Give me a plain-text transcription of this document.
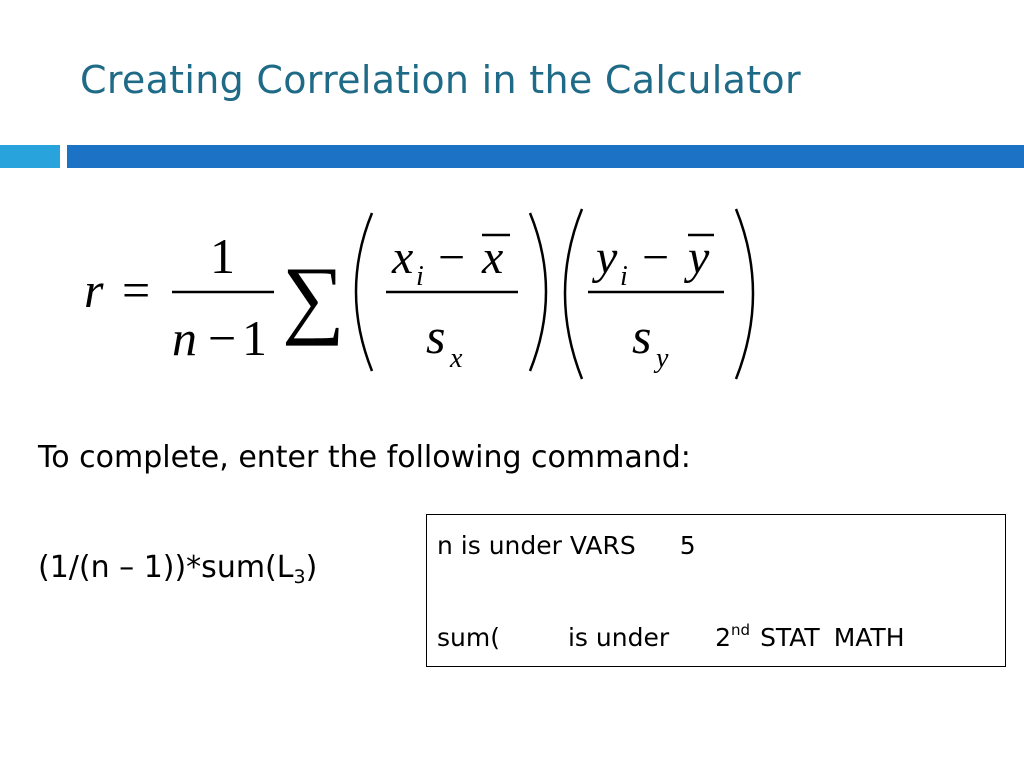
Creating Correlation in the Calculator
r =
1
n − 1 ∑ x i − x
s x
y i − y
s y
To complete, enter the following command:
$(1/(n - 1))*sum(L_3)$
n is under VARS 5
sum(	is under 2nd STAT MATH
